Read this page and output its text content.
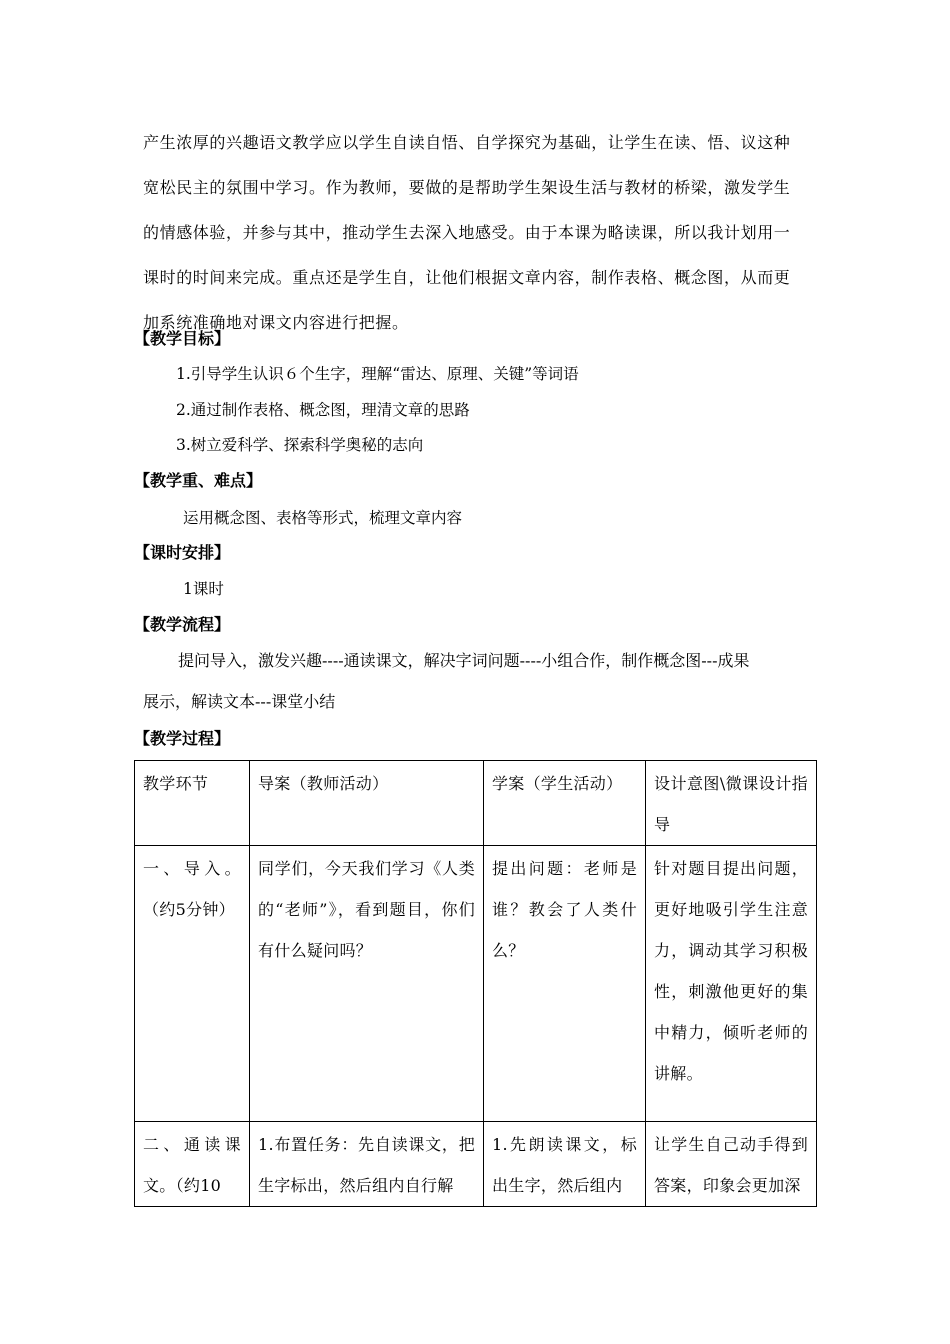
产生浓厚的兴趣语文教学应以学生自读自悟、自学探究为基础，让学生在读、悟、议这种

宽松民主的氛围中学习。作为教师，要做的是帮助学生架设生活与教材的桥梁，激发学生

的情感体验，并参与其中，推动学生去深入地感受。由于本课为略读课，所以我计划用一

课时的时间来完成。重点还是学生自，让他们根据文章内容，制作表格、概念图，从而更

加系统准确地对课文内容进行把握。

【教学目标】
1.引导学生认识６个生字，理解“雷达、原理、关键”等词语
2.通过制作表格、概念图，理清文章的思路
3.树立爱科学、探索科学奥秘的志向
【教学重、难点】
运用概念图、表格等形式，梳理文章内容
【课时安排】
1课时
【教学流程】
提问导入，激发兴趣----通读课文，解决字词问题----小组合作，制作概念图---成果
展示，解读文本---课堂小结
【教学过程】
教学环节	导案（教师活动）	学案（学生活动）	设计意图\微课设计指导
一、导入。（约5分钟）	同学们，今天我们学习《人类的“老师”》，看到题目，你们有什么疑问吗？	提出问题：老师是谁？教会了人类什么？	针对题目提出问题，更好地吸引学生注意力，调动其学习积极性，刺激他更好的集中精力，倾听老师的讲解。
二、通读课文。（约10	1.布置任务：先自读课文，把生字标出，然后组内自行解	1.先朗读课文，标出生字，然后组内	让学生自己动手得到答案，印象会更加深
